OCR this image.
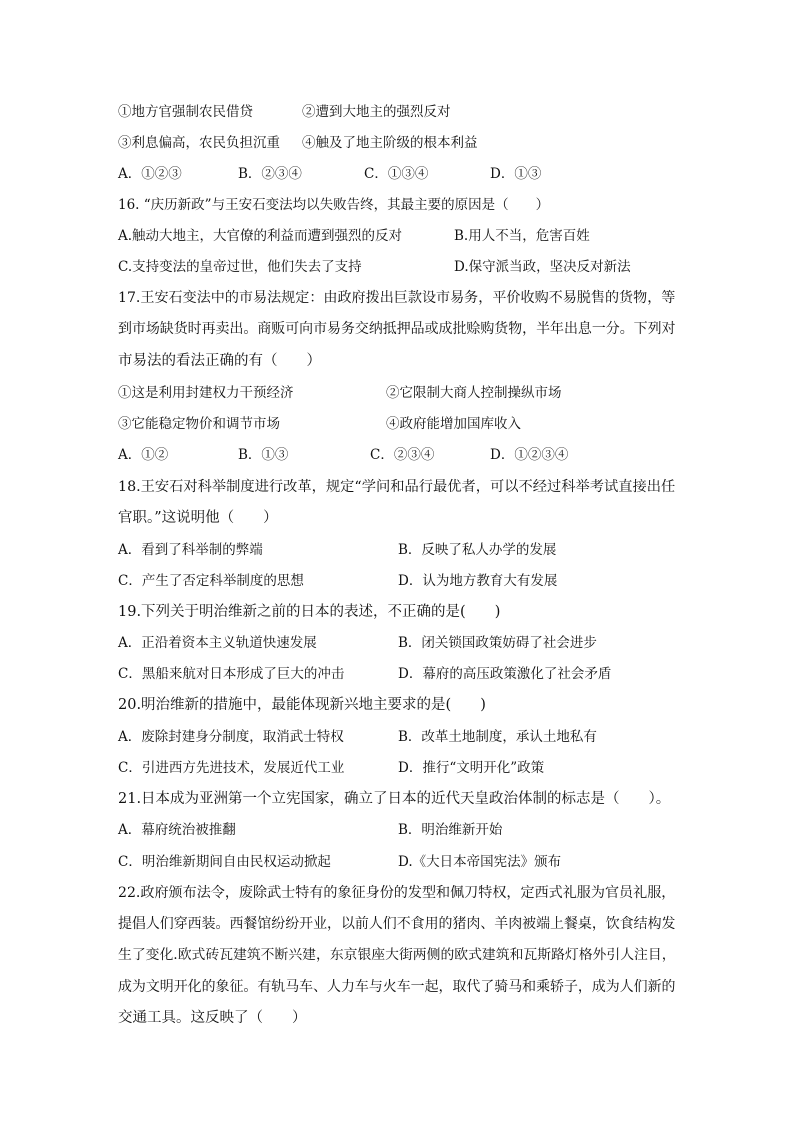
①地方官强制农民借贷	②遭到大地主的强烈反对
③利息偏高，农民负担沉重 ④触及了地主阶级的根本利益
A．①②③	B．②③④	C．①③④	D．①③
16. “庆历新政”与王安石变法均以失败告终，其最主要的原因是（　　）
A.触动大地主，大官僚的利益而遭到强烈的反对	B.用人不当，危害百姓
C.支持变法的皇帝过世，他们失去了支持	D.保守派当政，坚决反对新法
17.王安石变法中的市易法规定：由政府拨出巨款设市易务，平价收购不易脱售的货物，等
到市场缺货时再卖出。商贩可向市易务交纳抵押品或成批赊购货物，半年出息一分。下列对
市易法的看法正确的有（　　）
①这是利用封建权力干预经济	②它限制大商人控制操纵市场
③它能稳定物价和调节市场	④政府能增加国库收入
A．①②	B．①③	C．②③④	D．①②③④
18.王安石对科举制度进行改革，规定“学问和品行最优者，可以不经过科举考试直接出任
官职。”这说明他（　　）
A．看到了科举制的弊端	B．反映了私人办学的发展
C．产生了否定科举制度的思想	D．认为地方教育大有发展
19.下列关于明治维新之前的日本的表述，不正确的是(　　)
A．正沿着资本主义轨道快速发展	B．闭关锁国政策妨碍了社会进步
C．黑船来航对日本形成了巨大的冲击	D．幕府的高压政策激化了社会矛盾
20.明治维新的措施中，最能体现新兴地主要求的是(　　)
A．废除封建身分制度，取消武士特权	B．改革土地制度，承认土地私有
C．引进西方先进技术，发展近代工业	D．推行“文明开化”政策
21.日本成为亚洲第一个立宪国家，确立了日本的近代天皇政治体制的标志是（　　）。
A．幕府统治被推翻	B．明治维新开始
C．明治维新期间自由民权运动掀起	D.《大日本帝国宪法》颁布
22.政府颁布法令，废除武士特有的象征身份的发型和佩刀特权，定西式礼服为官员礼服，
提倡人们穿西装。西餐馆纷纷开业，以前人们不食用的猪肉、羊肉被端上餐桌，饮食结构发
生了变化.欧式砖瓦建筑不断兴建，东京银座大街两侧的欧式建筑和瓦斯路灯格外引人注目，
成为文明开化的象征。有轨马车、人力车与火车一起，取代了骑马和乘轿子，成为人们新的
交通工具。这反映了（　　）
